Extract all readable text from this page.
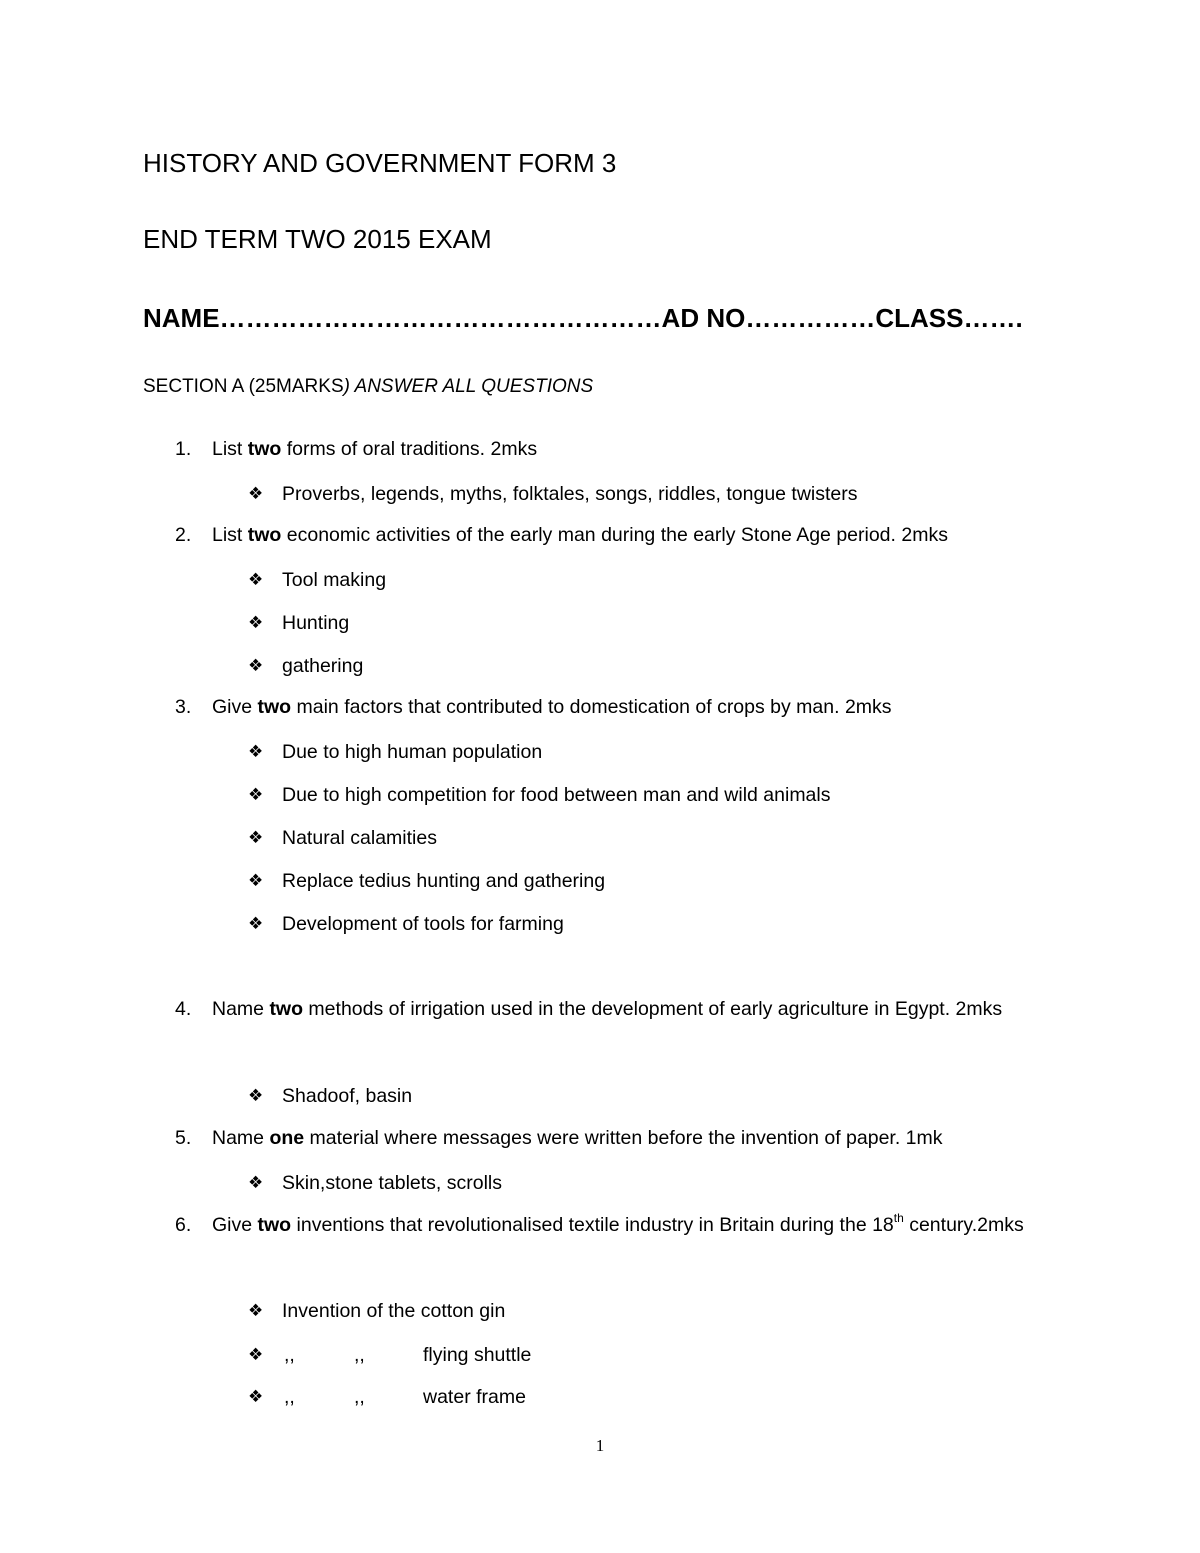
HISTORY AND GOVERNMENT FORM 3
END TERM TWO 2015 EXAM
NAME……………………………………………AD NO……………CLASS…….
SECTION A (25MARKS) ANSWER ALL QUESTIONS
1. List two forms of oral traditions. 2mks
❖ Proverbs, legends, myths, folktales, songs, riddles, tongue twisters
2. List two economic activities of the early man during the early Stone Age period. 2mks
❖ Tool making
❖ Hunting
❖ gathering
3. Give two main factors that contributed to domestication of crops by man. 2mks
❖ Due to high human population
❖ Due to high competition for food between man and wild animals
❖ Natural calamities
❖ Replace tedius hunting and gathering
❖ Development of tools for farming
4. Name two methods of irrigation used in the development of early agriculture in Egypt. 2mks
❖ Shadoof, basin
5. Name one material where messages were written before the invention of paper. 1mk
❖ Skin,stone tablets, scrolls
6. Give two inventions that revolutionalised textile industry in Britain during the 18th century.2mks
❖ Invention of the cotton gin
❖ ,,	,,	flying shuttle
❖ ,,	,,	water frame
1
